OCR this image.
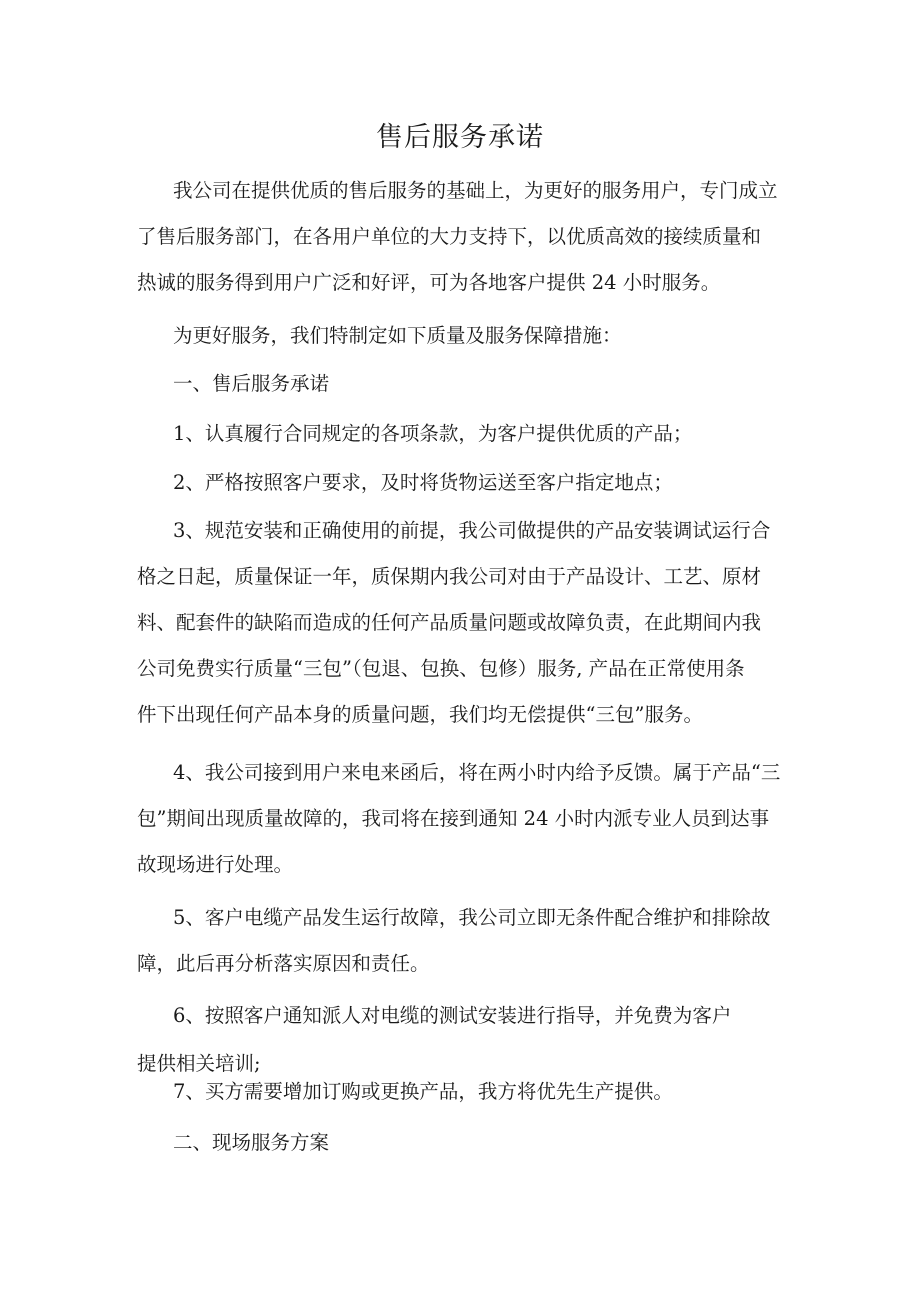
售后服务承诺
我公司在提供优质的售后服务的基础上，为更好的服务用户，专门成立
了售后服务部门，在各用户单位的大力支持下，以优质高效的接续质量和
热诚的服务得到用户广泛和好评，可为各地客户提供 24 小时服务。
为更好服务，我们特制定如下质量及服务保障措施：
一、售后服务承诺
1、认真履行合同规定的各项条款，为客户提供优质的产品；
2、严格按照客户要求，及时将货物运送至客户指定地点；
3、规范安装和正确使用的前提，我公司做提供的产品安装调试运行合
格之日起，质量保证一年，质保期内我公司对由于产品设计、工艺、原材
料、配套件的缺陷而造成的任何产品质量问题或故障负责，在此期间内我
公司免费实行质量“三包”（包退、包换、包修）服务, 产品在正常使用条
件下出现任何产品本身的质量问题，我们均无偿提供“三包”服务。
4、我公司接到用户来电来函后，将在两小时内给予反馈。属于产品“三
包”期间出现质量故障的，我司将在接到通知 24 小时内派专业人员到达事
故现场进行处理。
5、客户电缆产品发生运行故障，我公司立即无条件配合维护和排除故
障，此后再分析落实原因和责任。
6、按照客户通知派人对电缆的测试安装进行指导，并免费为客户

提供相关培训;

7、买方需要增加订购或更换产品，我方将优先生产提供。

二、现场服务方案
